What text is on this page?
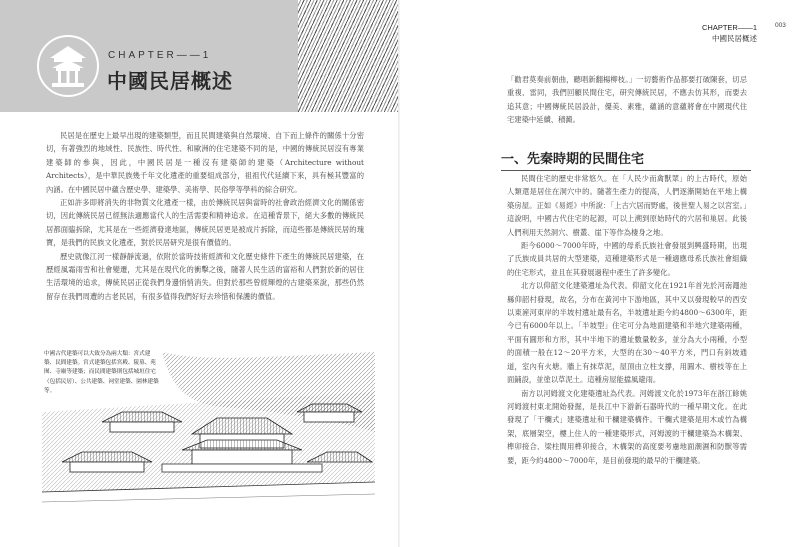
CHAPTER——1
中國民居概述

民居是在歷史上最早出現的建築類型，而且民間建築與自然環境、自下而上條件的關係十分密切，有著強烈的地域性、民族性、時代性、和歐洲的住宅建築不同的是，中國的傳統民居沒有專業建築師的參與，因此，中國民居是一種沒有建築師的建築（Architecture without Architects），是中華民族幾千年文化遺產的重要組成部分，祖祖代代延續下來，具有極其豐富的內涵。在中國民居中蘊含歷史學、建築學、美術學、民俗學等學科的綜合研究。

正如許多即將消失的非物質文化遺產一樣，由於傳統民居與當時的社會政治經濟文化的關係密切，因此傳統民居已經無法適應當代人的生活需要和精神追求。在這種背景下，絕大多數的傳統民居都面臨拆除，尤其是在一些經濟發達地區，傳統民居更是被成片拆除，而這些都是傳統民居的瑰寶，是我們的民族文化遺產，對於民居研究是很有價值的。

歷史就像江河一樣靜靜流過，依附於當時技術經濟和文化歷史條件下產生的傳統民居建築，在歷經風霜雨雪和社會變遷，尤其是在現代化的衝擊之後，隨著人民生活的富裕和人們對於新的居住生活環境的追求，傳統民居正從我們身邊悄悄消失。但對於那些曾經輝煌的古建築來說，那些仍然留存在我們周遭的古老民居，有很多值得我們好好去珍惜和保護的價值。

中國古代建築可以大致分為兩大類：宮式建築、民間建築。宮式建築包括宮殿、陵墓、苑囿、寺廟等建築；而民間建築則包括城垣住宅（包括民居）、公共建築、祠堂建築、園林建築等。
CHAPTER——1
中國民居概述
003
「勸君莫奏前朝曲，聽唱新翻楊柳枝。」一切藝術作品都要打破陳套，切忌重複、雷同，我們回顧民間住宅，研究傳統民居，不應去仿其形，而要去追其意；中國傳統民居設計，優美、素雅，蘊涵的意蘊將會在中國現代住宅建築中延續、積澱。
一、先秦時期的民間住宅

民間住宅的歷史非常悠久。在「人民少而禽獸眾」的上古時代，原始人類還是居住在洞穴中的。隨著生產力的提高，人們逐漸開始在平地上構築房屋。正如《易經》中所說：「上古穴居而野處，後世聖人易之以宮室。」這說明，中國古代住宅的起源，可以上溯到原始時代的穴居和巢居。此後人們利用天然洞穴、樹叢、崖下等作為棲身之地。

距今6000～7000年時，中國的母系氏族社會發展到興盛時期，出現了氏族成員共居的大型建築，這種建築形式是一種適應母系氏族社會組織的住宅形式，並且在其發展過程中產生了許多變化。

北方以仰韶文化建築遺址為代表。仰韶文化在1921年首先於河南澠池縣仰韶村發現，故名，分布在黃河中下游地區，其中又以發現較早的西安以東滻河東岸的半坡村遺址最有名，半坡遺址距今約4800～6300年，距今已有6000年以上。「半坡型」住宅可分為地面建築和半地穴建築兩種，平面有圓形和方形，其中半地下的遺址數量較多，並分為大小兩種，小型的面積一般在12～20平方米，大型的在30～40平方米，門口有斜坡通道，室內有火塘。牆上有抹草泥，屋頂由立柱支撐，用圓木、樹枝等在上面鋪設，並塗以草泥土。這種房屋能擋風避雨。

南方以河姆渡文化建築遺址為代表。河姆渡文化於1973年在浙江餘姚河姆渡村東北開始發掘，是長江中下游新石器時代的一種早期文化。在此發現了「干欄式」建築遺址和干欄建築構件。干欄式建築是用木或竹為構架，底層架空，樓上住人的一種建築形式，河姆渡的干欄建築為木構架、榫卯接合、梁柱間用榫卯接合，木構架的高度要考慮地面潮濕和防獸等需要，距今約4800～7000年，是目前發現的最早的干欄建築。
